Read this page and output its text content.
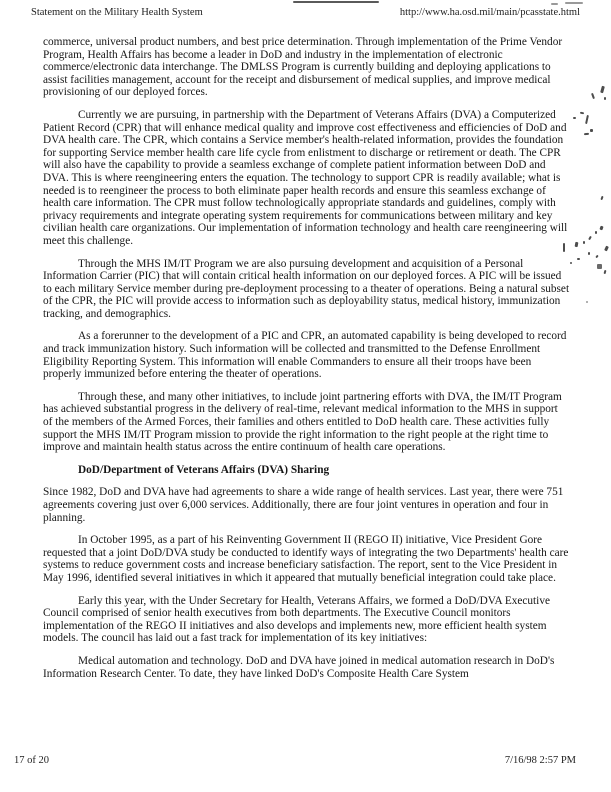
Statement on the Military Health System	http://www.ha.osd.mil/main/pcasstate.html

commerce, universal product numbers, and best price determination. Through implementation of the Prime Vendor Program, Health Affairs has become a leader in DoD and industry in the implementation of electronic commerce/electronic data interchange. The DMLSS Program is currently building and deploying applications to assist facilities management, account for the receipt and disbursement of medical supplies, and improve medical provisioning of our deployed forces.

Currently we are pursuing, in partnership with the Department of Veterans Affairs (DVA) a Computerized Patient Record (CPR) that will enhance medical quality and improve cost effectiveness and efficiencies of DoD and DVA health care. The CPR, which contains a Service member's health-related information, provides the foundation for supporting Service member health care life cycle from enlistment to discharge or retirement or death. The CPR will also have the capability to provide a seamless exchange of complete patient information between DoD and DVA. This is where reengineering enters the equation. The technology to support CPR is readily available; what is needed is to reengineer the process to both eliminate paper health records and ensure this seamless exchange of health care information. The CPR must follow technologically appropriate standards and guidelines, comply with privacy requirements and integrate operating system requirements for communications between military and key civilian health care organizations. Our implementation of information technology and health care reengineering will meet this challenge.

Through the MHS IM/IT Program we are also pursuing development and acquisition of a Personal Information Carrier (PIC) that will contain critical health information on our deployed forces. A PIC will be issued to each military Service member during pre-deployment processing to a theater of operations. Being a natural subset of the CPR, the PIC will provide access to information such as deployability status, medical history, immunization tracking, and demographics.

As a forerunner to the development of a PIC and CPR, an automated capability is being developed to record and track immunization history. Such information will be collected and transmitted to the Defense Enrollment Eligibility Reporting System. This information will enable Commanders to ensure all their troops have been properly immunized before entering the theater of operations.

Through these, and many other initiatives, to include joint partnering efforts with DVA, the IM/IT Program has achieved substantial progress in the delivery of real-time, relevant medical information to the MHS in support of the members of the Armed Forces, their families and others entitled to DoD health care. These activities fully support the MHS IM/IT Program mission to provide the right information to the right people at the right time to improve and maintain health status across the entire continuum of health care operations.

DoD/Department of Veterans Affairs (DVA) Sharing

Since 1982, DoD and DVA have had agreements to share a wide range of health services. Last year, there were 751 agreements covering just over 6,000 services. Additionally, there are four joint ventures in operation and four in planning.

In October 1995, as a part of his Reinventing Government II (REGO II) initiative, Vice President Gore requested that a joint DoD/DVA study be conducted to identify ways of integrating the two Departments' health care systems to reduce government costs and increase beneficiary satisfaction. The report, sent to the Vice President in May 1996, identified several initiatives in which it appeared that mutually beneficial integration could take place.

Early this year, with the Under Secretary for Health, Veterans Affairs, we formed a DoD/DVA Executive Council comprised of senior health executives from both departments. The Executive Council monitors implementation of the REGO II initiatives and also develops and implements new, more efficient health system models. The council has laid out a fast track for implementation of its key initiatives:

Medical automation and technology. DoD and DVA have joined in medical automation research in DoD's Information Research Center. To date, they have linked DoD's Composite Health Care System

17 of 20	7/16/98 2:57 PM
